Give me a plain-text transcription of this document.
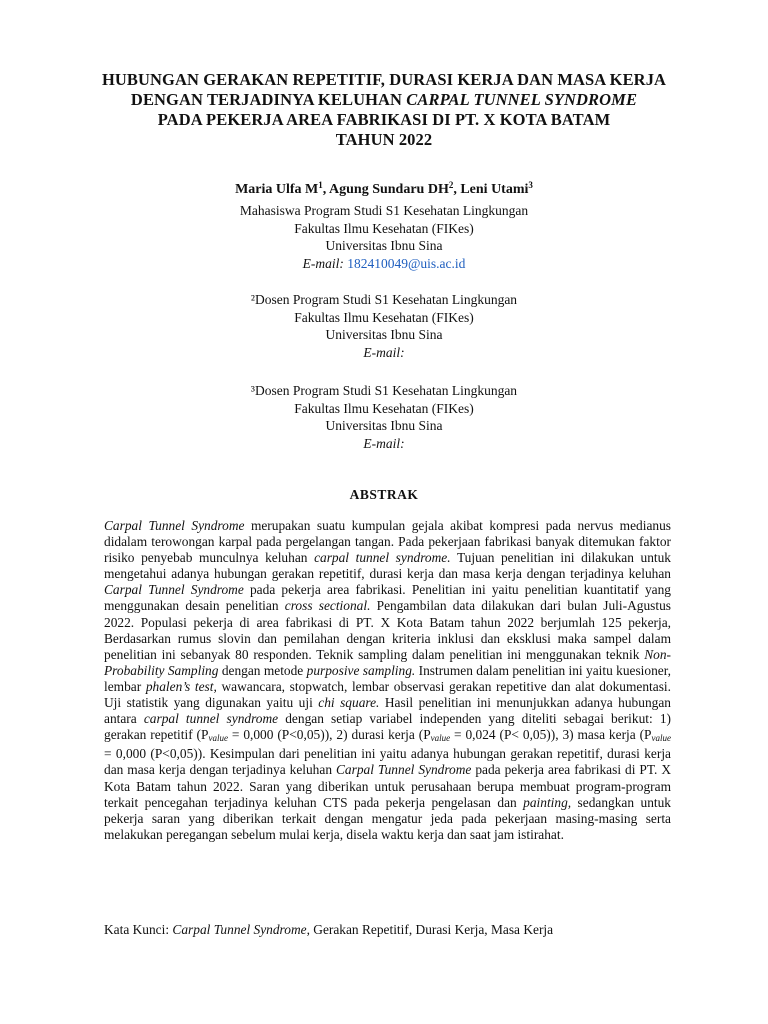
HUBUNGAN GERAKAN REPETITIF, DURASI KERJA DAN MASA KERJA
DENGAN TERJADINYA KELUHAN CARPAL TUNNEL SYNDROME
PADA PEKERJA AREA FABRIKASI DI PT. X KOTA BATAM
TAHUN 2022
Maria Ulfa $M^1$, Agung Sundaru $DH^2$, Leni Utami$^3$
Mahasiswa Program Studi S1 Kesehatan Lingkungan
Fakultas Ilmu Kesehatan (FIKes)
Universitas Ibnu Sina
E-mail: 182410049@uis.ac.id
²Dosen Program Studi S1 Kesehatan Lingkungan
Fakultas Ilmu Kesehatan (FIKes)
Universitas Ibnu Sina
E-mail:
³Dosen Program Studi S1 Kesehatan Lingkungan
Fakultas Ilmu Kesehatan (FIKes)
Universitas Ibnu Sina
E-mail:
ABSTRAK
Carpal Tunnel Syndrome merupakan suatu kumpulan gejala akibat kompresi pada nervus medianus didalam terowongan karpal pada pergelangan tangan. Pada pekerjaan fabrikasi banyak ditemukan faktor risiko penyebab munculnya keluhan carpal tunnel syndrome. Tujuan penelitian ini dilakukan untuk mengetahui adanya hubungan gerakan repetitif, durasi kerja dan masa kerja dengan terjadinya keluhan Carpal Tunnel Syndrome pada pekerja area fabrikasi. Penelitian ini yaitu penelitian kuantitatif yang menggunakan desain penelitian cross sectional. Pengambilan data dilakukan dari bulan Juli-Agustus 2022. Populasi pekerja di area fabrikasi di PT. X Kota Batam tahun 2022 berjumlah 125 pekerja, Berdasarkan rumus slovin dan pemilahan dengan kriteria inklusi dan eksklusi maka sampel dalam penelitian ini sebanyak 80 responden. Teknik sampling dalam penelitian ini menggunakan teknik Non-Probability Sampling dengan metode purposive sampling. Instrumen dalam penelitian ini yaitu kuesioner, lembar phalen’s test, wawancara, stopwatch, lembar observasi gerakan repetitive dan alat dokumentasi. Uji statistik yang digunakan yaitu uji chi square. Hasil penelitian ini menunjukkan adanya hubungan antara carpal tunnel syndrome dengan setiap variabel independen yang diteliti sebagai berikut: 1) gerakan repetitif ($P_{value} = 0,000$ (P<0,05)), 2) durasi kerja ($P_{value} = 0,024$ (P< 0,05)), 3) masa kerja ($P_{value} = 0,000$ (P<0,05)). Kesimpulan dari penelitian ini yaitu adanya hubungan gerakan repetitif, durasi kerja dan masa kerja dengan terjadinya keluhan Carpal Tunnel Syndrome pada pekerja area fabrikasi di PT. X Kota Batam tahun 2022. Saran yang diberikan untuk perusahaan berupa membuat program-program terkait pencegahan terjadinya keluhan CTS pada pekerja pengelasan dan painting, sedangkan untuk pekerja saran yang diberikan terkait dengan mengatur jeda pada pekerjaan masing-masing serta melakukan peregangan sebelum mulai kerja, disela waktu kerja dan saat jam istirahat.
Kata Kunci: Carpal Tunnel Syndrome, Gerakan Repetitif, Durasi Kerja, Masa Kerja
